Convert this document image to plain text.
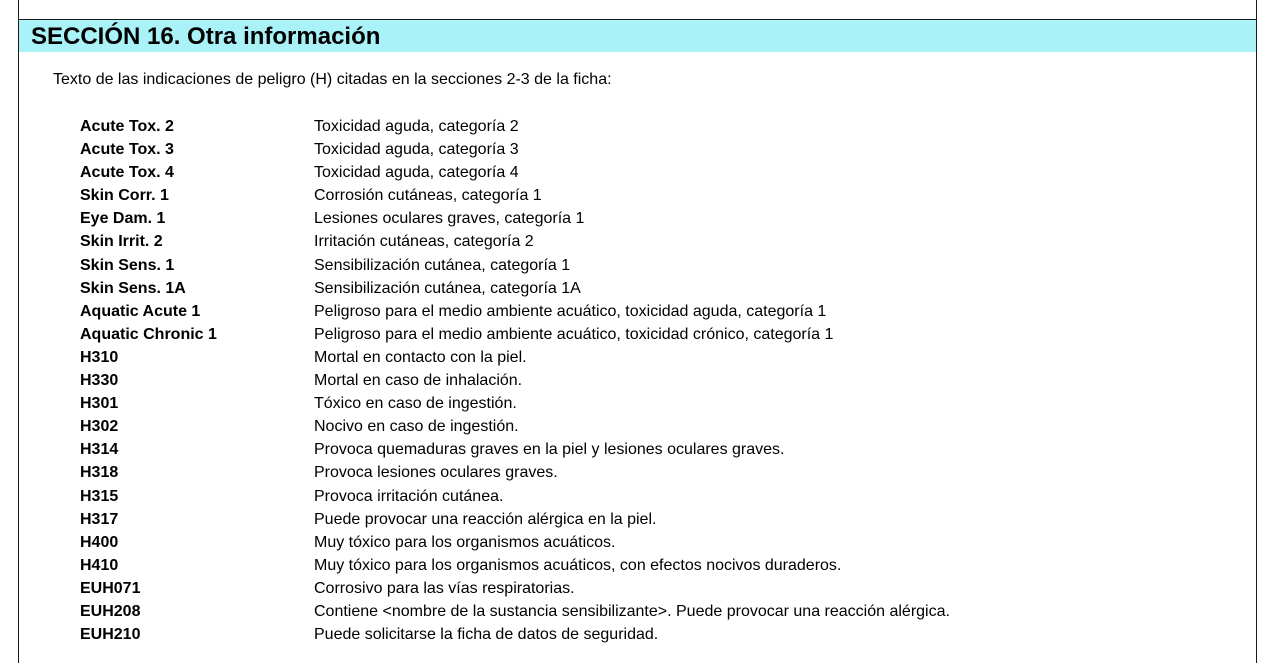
SECCIÓN 16. Otra información
Texto de las indicaciones de peligro (H) citadas en la secciones 2-3 de la ficha:
Acute Tox. 2	Toxicidad aguda, categoría 2
Acute Tox. 3	Toxicidad aguda, categoría 3
Acute Tox. 4	Toxicidad aguda, categoría 4
Skin Corr. 1	Corrosión cutáneas, categoría 1
Eye Dam. 1	Lesiones oculares graves, categoría 1
Skin Irrit. 2	Irritación cutáneas, categoría 2
Skin Sens. 1	Sensibilización cutánea, categoría 1
Skin Sens. 1A	Sensibilización cutánea, categoría 1A
Aquatic Acute 1	Peligroso para el medio ambiente acuático, toxicidad aguda, categoría 1
Aquatic Chronic 1	Peligroso para el medio ambiente acuático, toxicidad crónico, categoría 1
H310	Mortal en contacto con la piel.
H330	Mortal en caso de inhalación.
H301	Tóxico en caso de ingestión.
H302	Nocivo en caso de ingestión.
H314	Provoca quemaduras graves en la piel y lesiones oculares graves.
H318	Provoca lesiones oculares graves.
H315	Provoca irritación cutánea.
H317	Puede provocar una reacción alérgica en la piel.
H400	Muy tóxico para los organismos acuáticos.
H410	Muy tóxico para los organismos acuáticos, con efectos nocivos duraderos.
EUH071	Corrosivo para las vías respiratorias.
EUH208	Contiene <nombre de la sustancia sensibilizante>. Puede provocar una reacción alérgica.
EUH210	Puede solicitarse la ficha de datos de seguridad.
